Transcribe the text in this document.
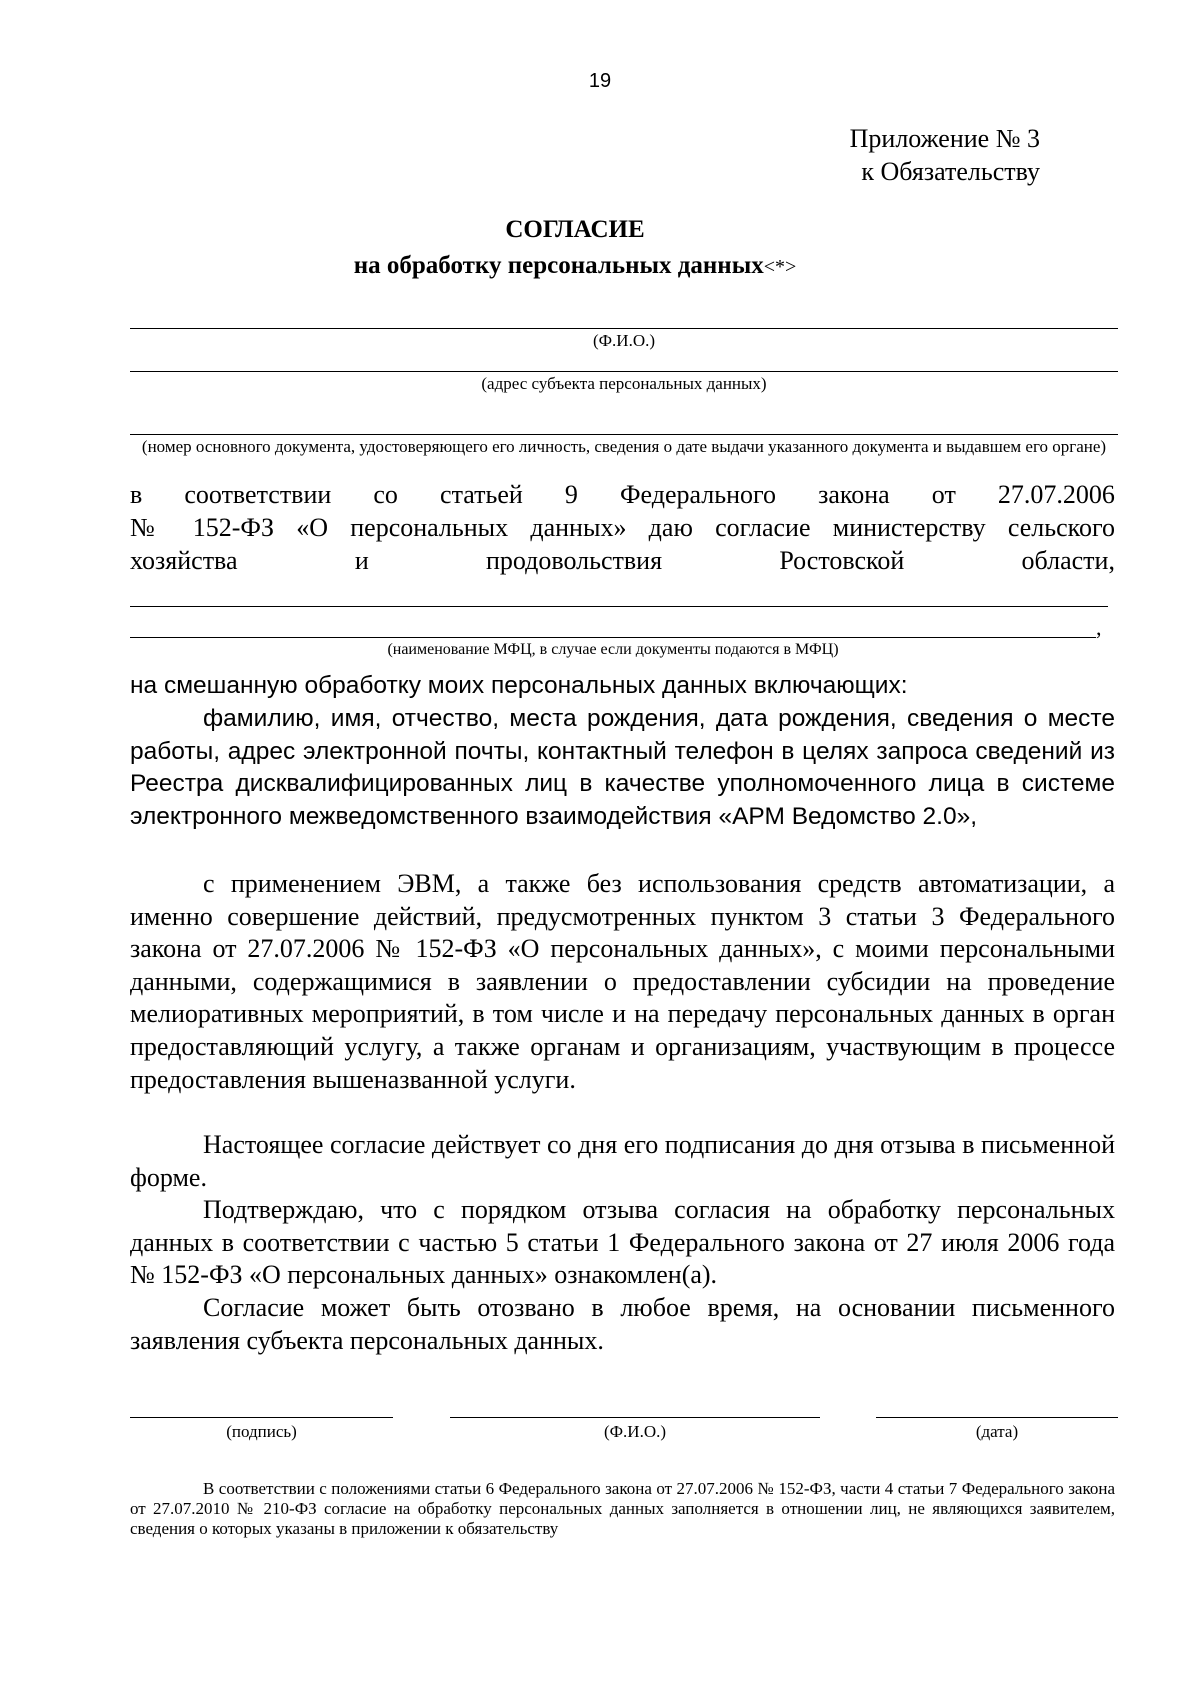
19
Приложение № 3
к Обязательству
СОГЛАСИЕ
на обработку персональных данных<*>
(Ф.И.О.)
(адрес субъекта персональных данных)
(номер основного документа, удостоверяющего его личность, сведения о дате выдачи указанного документа и выдавшем его органе)
в соответствии со статьей 9 Федерального закона от 27.07.2006
№ 152-ФЗ «О персональных данных» даю согласие министерству сельского
хозяйства	и	продовольствия	Ростовской	области,
,
(наименование МФЦ, в случае если документы подаются в МФЦ)
на смешанную обработку моих персональных данных включающих:
фамилию, имя, отчество, места рождения, дата рождения, сведения о месте работы, адрес электронной почты, контактный телефон в целях запроса сведений из Реестра дисквалифицированных лиц в качестве уполномоченного лица в системе электронного межведомственного взаимодействия «АРМ Ведомство 2.0»,
с применением ЭВМ, а также без использования средств автоматизации, а именно совершение действий, предусмотренных пунктом 3 статьи 3 Федерального закона от 27.07.2006 № 152-ФЗ «О персональных данных», с моими персональными данными, содержащимися в заявлении о предоставлении субсидии на проведение мелиоративных мероприятий, в том числе и на передачу персональных данных в орган предоставляющий услугу, а также органам и организациям, участвующим в процессе предоставления вышеназванной услуги.
Настоящее согласие действует со дня его подписания до дня отзыва в письменной форме.
Подтверждаю, что с порядком отзыва согласия на обработку персональных данных в соответствии с частью 5 статьи 1 Федерального закона от 27 июля 2006 года № 152-ФЗ «О персональных данных» ознакомлен(а).
Согласие может быть отозвано в любое время, на основании письменного заявления субъекта персональных данных.
(подпись)	(Ф.И.О.)	(дата)
В соответствии с положениями статьи 6 Федерального закона от 27.07.2006 № 152-ФЗ, части 4 статьи 7 Федерального закона от 27.07.2010 № 210-ФЗ согласие на обработку персональных данных заполняется в отношении лиц, не являющихся заявителем, сведения о которых указаны в приложении к обязательству
